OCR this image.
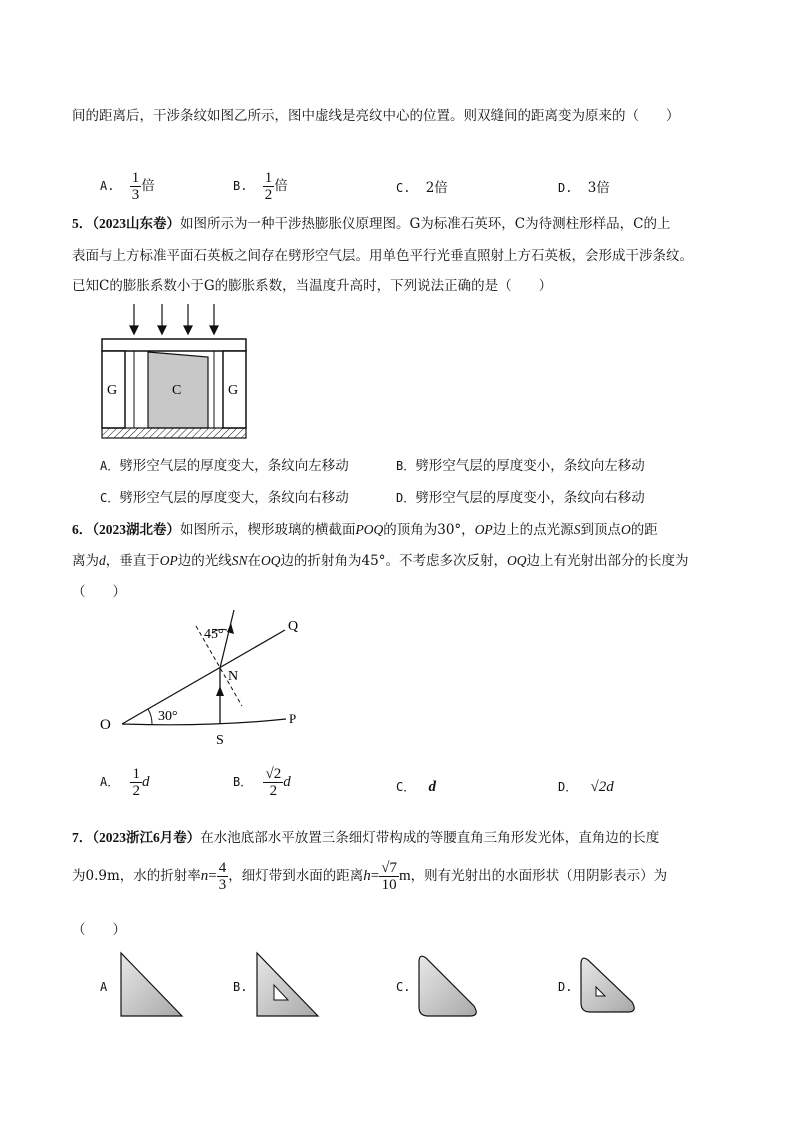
间的距离后，干涉条纹如图乙所示，图中虚线是亮纹中心的位置。则双缝间的距离变为原来的（　　）
A. $\frac{1}{3}$ 倍	B. $\frac{1}{2}$ 倍	C. 2倍	D. 3倍
5．（2023山东卷）如图所示为一种干涉热膨胀仪原理图。G为标准石英环，C为待测柱形样品，C的上
表面与上方标准平面石英板之间存在劈形空气层。用单色平行光垂直照射上方石英板，会形成干涉条纹。
已知C的膨胀系数小于G的膨胀系数，当温度升高时，下列说法正确的是（　　）
G	C	G
A．劈形空气层的厚度变大，条纹向左移动	B．劈形空气层的厚度变小，条纹向左移动
C．劈形空气层的厚度变大，条纹向右移动	D．劈形空气层的厚度变小，条纹向右移动
6．（2023湖北卷）如图所示，楔形玻璃的横截面POQ的顶角为30°，OP边上的点光源S到顶点O的距
离为d，垂直于OP边的光线SN在OQ边的折射角为45°。不考虑多次反射，OQ边上有光射出部分的长度为
（　　）
O	P
Q
N
S
30°
45°
A． $\frac{1}{2}$ d	B． $\frac{√2}{2}$ d	C． d	D． √2d
7．（2023浙江6月卷）在水池底部水平放置三条细灯带构成的等腰直角三角形发光体，直角边的长度
为0.9m，水的折射率$n= \frac{4}{3}$ ，细灯带到水面的距离$h= \frac{√7}{10}$ m，则有光射出的水面形状（用阴影表示）为
（　　）
A	B.	C.	D.
